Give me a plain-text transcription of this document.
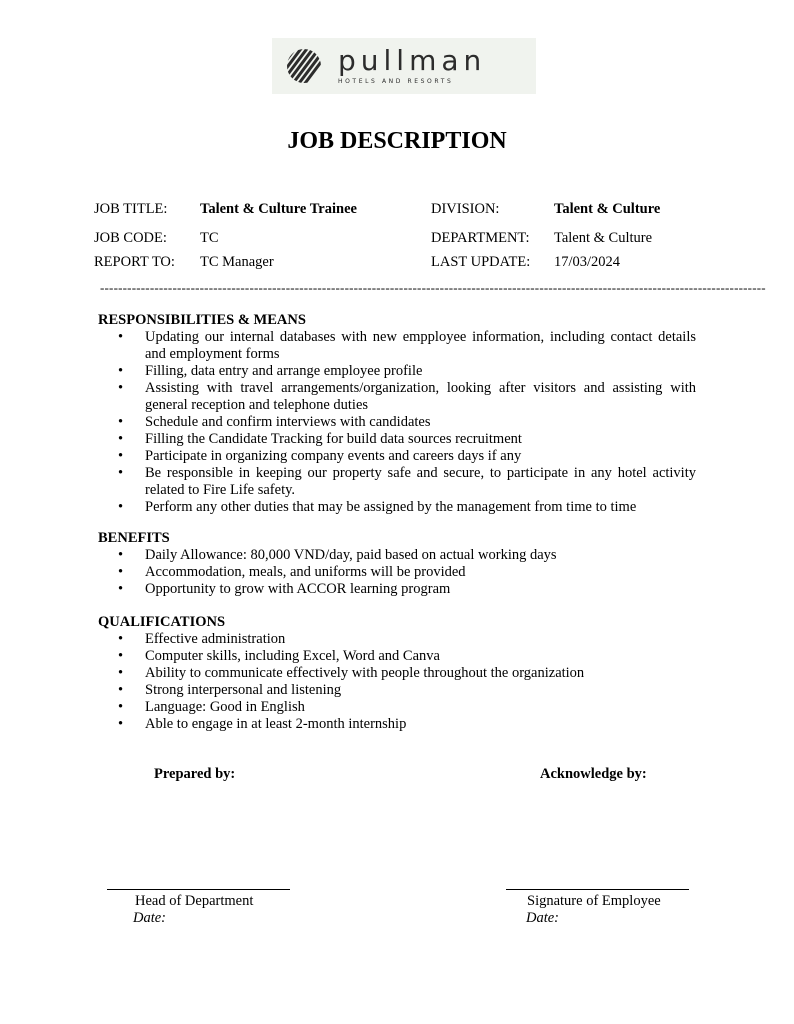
pullman
HOTELS AND RESORTS
JOB DESCRIPTION
JOB TITLE: Talent & Culture Trainee	DIVISION:	Talent & Culture
JOB CODE: TC	DEPARTMENT: Talent & Culture
REPORT TO: TC Manager	LAST UPDATE: 17/03/2024
---------------------------------------------------------------------------------------------------------------------------------------------------
RESPONSIBILITIES & MEANS
• Updating our internal databases with new empployee information, including contact details and employment forms
• Filling, data entry and arrange employee profile
• Assisting with travel arrangements/organization, looking after visitors and assisting with general reception and telephone duties
• Schedule and confirm interviews with candidates
• Filling the Candidate Tracking for build data sources recruitment
• Participate in organizing company events and careers days if any
• Be responsible in keeping our property safe and secure, to participate in any hotel activity related to Fire Life safety.
• Perform any other duties that may be assigned by the management from time to time
BENEFITS
• Daily Allowance: 80,000 VND/day, paid based on actual working days
• Accommodation, meals, and uniforms will be provided
• Opportunity to grow with ACCOR learning program
QUALIFICATIONS
• Effective administration
• Computer skills, including Excel, Word and Canva
• Ability to communicate effectively with people throughout the organization
• Strong interpersonal and listening
• Language: Good in English
• Able to engage in at least 2-month internship
Prepared by:	Acknowledge by:
Head of Department
Date:
Signature of Employee
Date:
